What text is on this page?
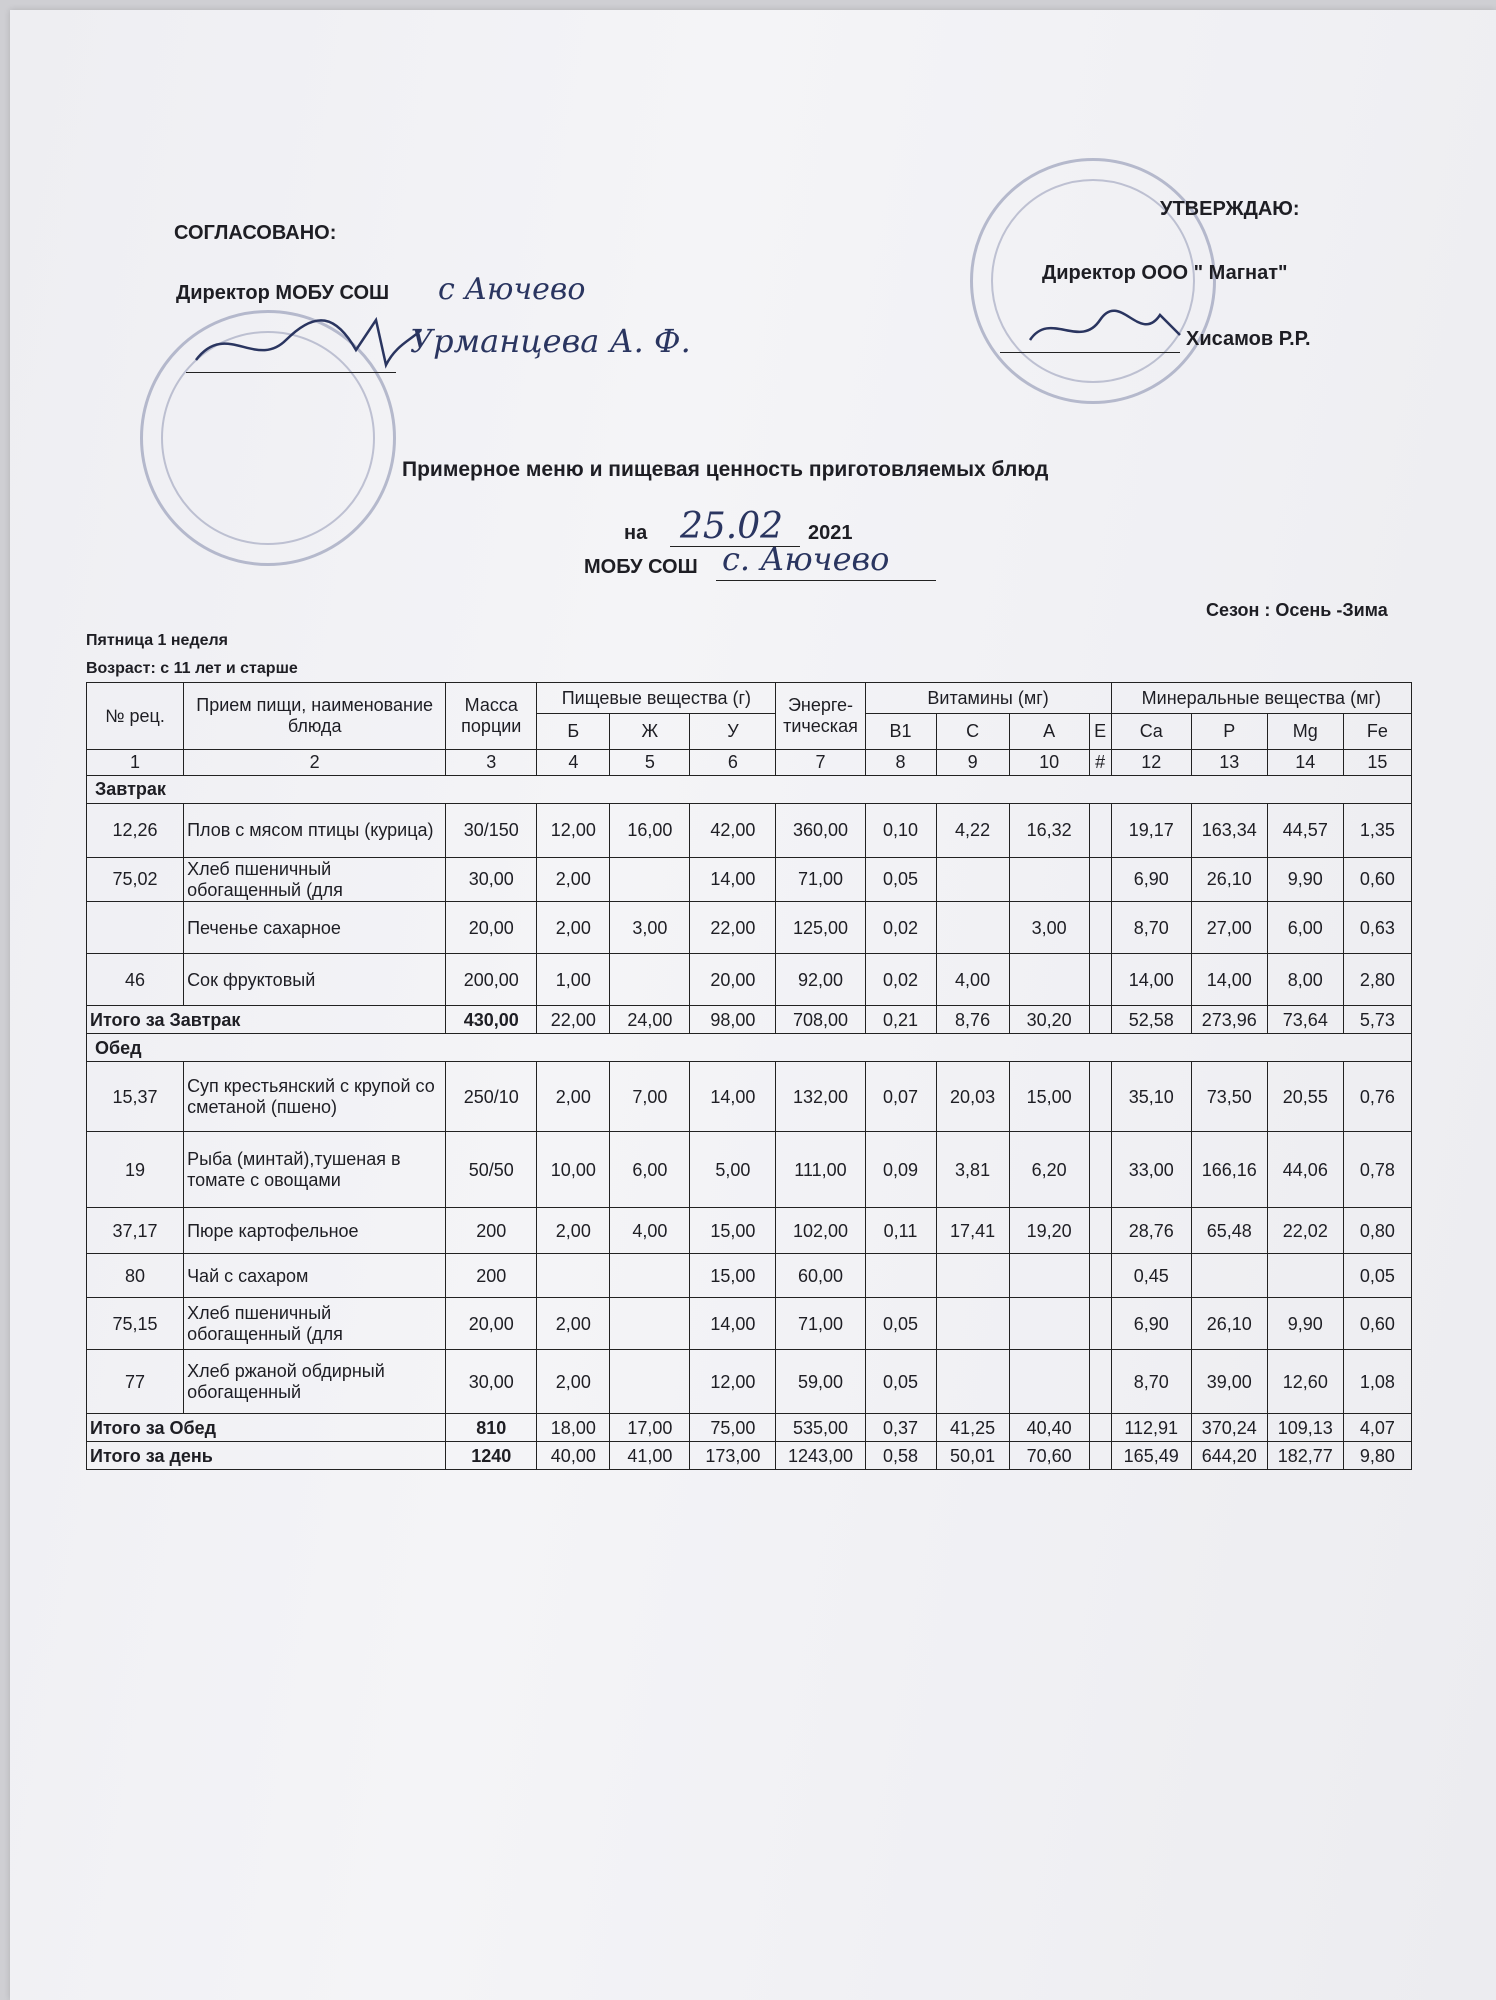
СОГЛАСОВАНО:
Директор МОБУ СОШ с Аючево
Урманцева А. Ф.
УТВЕРЖДАЮ:
Директор ООО " Магнат"
Хисамов Р.Р.
Примерное меню и пищевая ценность приготовляемых блюд
на 25.02 2021
МОБУ СОШ с. Аючево
Сезон : Осень -Зима
Пятница 1 неделя
Возраст: с 11 лет и старше
№ рец.	Прием пищи, наименование блюда	Масса порции	Пищевые вещества (г)			Энерге-тическая	Витамины (мг)				Минеральные вещества (мг)			
			Б	Ж	У		В1	С	А	Е	Ca	P	Mg	Fe
1	2	3	4	5	6	7	8	9	10	#	12	13	14	15
Завтрак														
12,26	Плов с мясом птицы (курица)	30/150	12,00	16,00	42,00	360,00	0,10	4,22	16,32		19,17	163,34	44,57	1,35
75,02	Хлеб пшеничный обогащенный (для	30,00	2,00		14,00	71,00	0,05				6,90	26,10	9,90	0,60
	Печенье сахарное	20,00	2,00	3,00	22,00	125,00	0,02		3,00		8,70	27,00	6,00	0,63
46	Сок фруктовый	200,00	1,00		20,00	92,00	0,02	4,00			14,00	14,00	8,00	2,80
Итого за Завтрак		430,00	22,00	24,00	98,00	708,00	0,21	8,76	30,20		52,58	273,96	73,64	5,73
Обед														
15,37	Суп крестьянский с крупой со сметаной (пшено)	250/10	2,00	7,00	14,00	132,00	0,07	20,03	15,00		35,10	73,50	20,55	0,76
19	Рыба (минтай),тушеная в томате с овощами	50/50	10,00	6,00	5,00	111,00	0,09	3,81	6,20		33,00	166,16	44,06	0,78
37,17	Пюре картофельное	200	2,00	4,00	15,00	102,00	0,11	17,41	19,20		28,76	65,48	22,02	0,80
80	Чай с сахаром	200			15,00	60,00					0,45			0,05
75,15	Хлеб пшеничный обогащенный (для	20,00	2,00		14,00	71,00	0,05				6,90	26,10	9,90	0,60
77	Хлеб ржаной обдирный обогащенный	30,00	2,00		12,00	59,00	0,05				8,70	39,00	12,60	1,08
Итого за Обед		810	18,00	17,00	75,00	535,00	0,37	41,25	40,40		112,91	370,24	109,13	4,07
Итого за день		1240	40,00	41,00	173,00	1243,00	0,58	50,01	70,60		165,49	644,20	182,77	9,80
